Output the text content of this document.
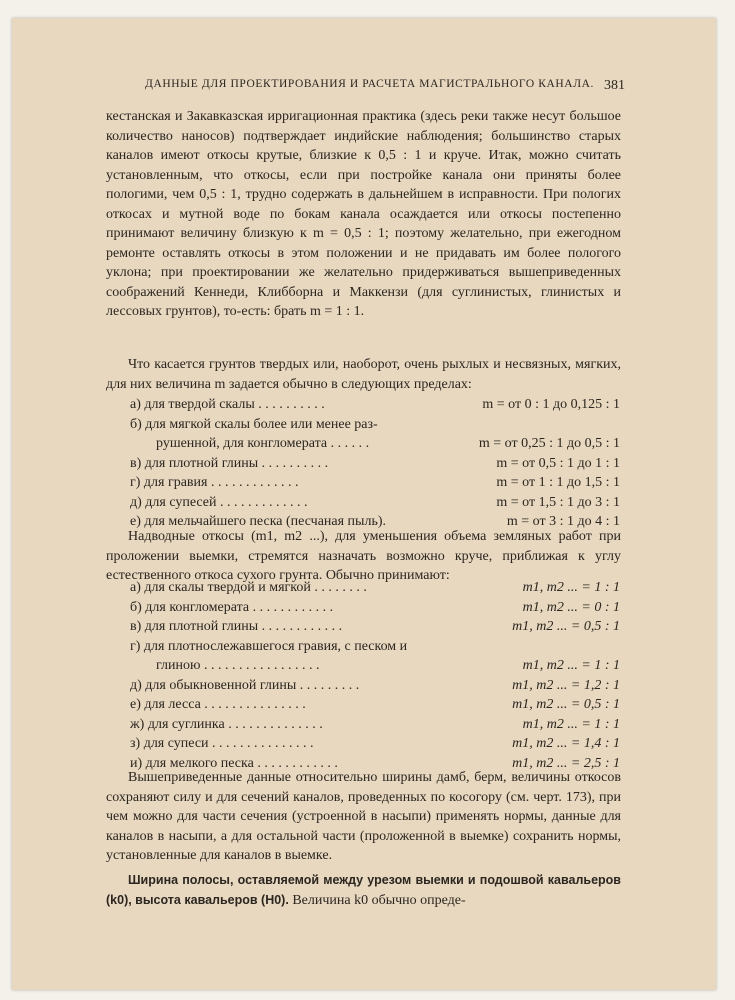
ДАННЫЕ ДЛЯ ПРОЕКТИРОВАНИЯ И РАСЧЕТА МАГИСТРАЛЬНОГО КАНАЛА. 381
кестанская и Закавказская ирригационная практика (здесь реки также несут большое количество наносов) подтверждает индийские наблюдения; большинство старых каналов имеют откосы крутые, близкие к 0,5 : 1 и круче. Итак, можно считать установленным, что откосы, если при постройке канала они приняты более пологими, чем 0,5 : 1, трудно содержать в дальнейшем в исправности. При пологих откосах и мутной воде по бокам канала осаждается или откосы постепенно принимают величину близкую к m = 0,5 : 1; поэтому желательно, при ежегодном ремонте оставлять откосы в этом положении и не придавать им более пологого уклона; при проектировании же желательно придерживаться вышеприведенных соображений Кеннеди, Клибборна и Маккензи (для суглинистых, глинистых и лессовых грунтов), то-есть: брать m = 1 : 1.
Что касается грунтов твердых или, наоборот, очень рыхлых и несвязных, мягких, для них величина m задается обычно в следующих пределах:
а) для твердой скалы . . . . . . . . . .	m = от 0 : 1 до 0,125 : 1
б) для мягкой скалы более или менее раз-
рушенной, для конгломерата . . . . . .	m = от 0,25 : 1 до 0,5 : 1
в) для плотной глины . . . . . . . . . .	m = от 0,5 : 1 до 1 : 1
г) для гравия . . . . . . . . . . . . .	m = от 1 : 1 до 1,5 : 1
д) для супесей . . . . . . . . . . . . .	m = от 1,5 : 1 до 3 : 1
е) для мельчайшего песка (песчаная пыль).	m = от 3 : 1 до 4 : 1
Надводные откосы (m1, m2 ...), для уменьшения объема земляных работ при проложении выемки, стремятся назначать возможно круче, приближая к углу естественного откоса сухого грунта. Обычно принимают:
а) для скалы твердой и мягкой . . . . . . . .	m1, m2 ... = 1 : 1
б) для конгломерата . . . . . . . . . . . .	m1, m2 ... = 0 : 1
в) для плотной глины . . . . . . . . . . . .	m1, m2 ... = 0,5 : 1
г) для плотнослежавшегося гравия, с песком и
глиною . . . . . . . . . . . . . . . . .	m1, m2 ... = 1 : 1
д) для обыкновенной глины . . . . . . . . .	m1, m2 ... = 1,2 : 1
е) для лесса . . . . . . . . . . . . . . .	m1, m2 ... = 0,5 : 1
ж) для суглинка . . . . . . . . . . . . . .	m1, m2 ... = 1 : 1
з) для супеси . . . . . . . . . . . . . . .	m1, m2 ... = 1,4 : 1
и) для мелкого песка . . . . . . . . . . . .	m1, m2 ... = 2,5 : 1
Вышеприведенные данные относительно ширины дамб, берм, величины откосов сохраняют силу и для сечений каналов, проведенных по косогору (см. черт. 173), при чем можно для части сечения (устроенной в насыпи) применять нормы, данные для каналов в насыпи, а для остальной части (проложенной в выемке) сохранить нормы, установленные для каналов в выемке.
Ширина полосы, оставляемой между урезом выемки и подошвой кавальеров (k0), высота кавальеров (H0). Величина k0 обычно опреде-
